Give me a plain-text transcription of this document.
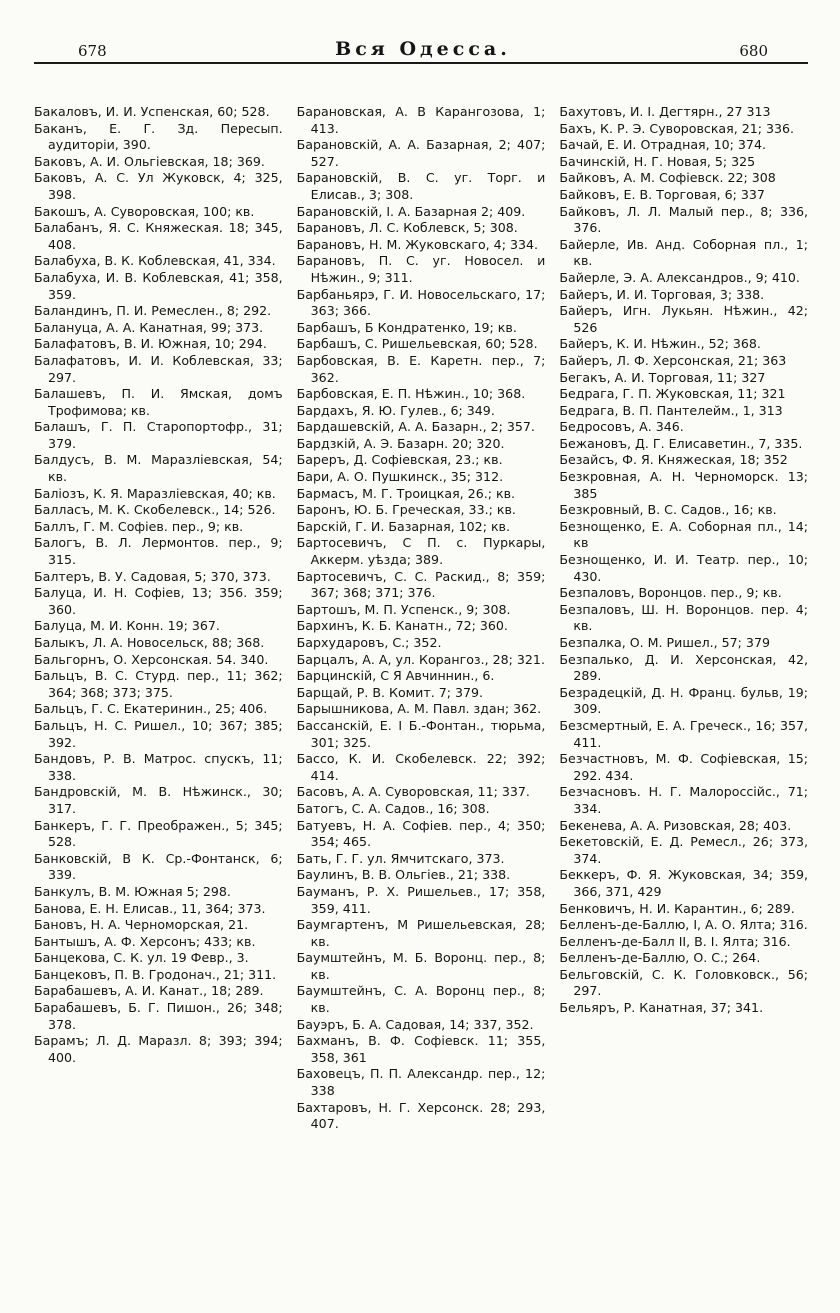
678	Вся Одесса.	680
Бакаловъ, И. И. Успенская, 60; 528.
Баканъ, Е. Г. Зд. Пересып. аудиторiи, 390.
Баковъ, А. И. Ольгiевская, 18; 369.
Баковъ, А. С. Ул Жуковск, 4; 325, 398.
Бакошъ, А. Суворовская, 100; кв.
Балабанъ, Я. С. Княжеская. 18; 345, 408.
Балабуха, В. К. Коблевская, 41, 334.
Балабуха, И. В. Коблевская, 41; 358, 359.
Баландинъ, П. И. Ремеслен., 8; 292.
Балануца, А. А. Канатная, 99; 373.
Балафатовъ, В. И. Южная, 10; 294.
Балафатовъ, И. И. Коблевская, 33; 297.
Балашевъ, П. И. Ямская, домъ Трофимова; кв.
Балашъ, Г. П. Старопортофр., 31; 379.
Балдусъ, В. М. Маразлiевская, 54; кв.
Балiозъ, К. Я. Маразлiевская, 40; кв.
Балласъ, М. К. Скобелевск., 14; 526.
Баллъ, Г. М. Софiев. пер., 9; кв.
Балогъ, В. Л. Лермонтов. пер., 9; 315.
Балтеръ, В. У. Садовая, 5; 370, 373.
Балуца, И. Н. Софiев, 13; 356. 359; 360.
Балуца, М. И. Конн. 19; 367.
Балыкъ, Л. А. Новосельск, 88; 368.
Бальгорнъ, О. Херсонская. 54. 340.
Бальцъ, В. С. Стурд. пер., 11; 362; 364; 368; 373; 375.
Бальцъ, Г. С. Екатеринин., 25; 406.
Бальцъ, Н. С. Ришел., 10; 367; 385; 392.
Бандовъ, Р. В. Матрос. спускъ, 11; 338.
Бандровскiй, М. В. Нѣжинск., 30; 317.
Банкеръ, Г. Г. Преображен., 5; 345; 528.
Банковскiй, В К. Ср.-Фонтанск, 6; 339.
Банкулъ, В. М. Южная 5; 298.
Банова, Е. Н. Елисав., 11, 364; 373.
Бановъ, Н. А. Черноморская, 21.
Бантышъ, А. Ф. Херсонъ; 433; кв.
Банцекова, С. К. ул. 19 Февр., 3.
Банцековъ, П. В. Гродонач., 21; 311.
Барабашевъ, А. И. Канат., 18; 289.
Барабашевъ, Б. Г. Пишон., 26; 348; 378.
Барамъ; Л. Д. Маразл. 8; 393; 394; 400.
Барановская, А. В Карангозова, 1; 413.
Барановскiй, А. А. Базарная, 2; 407; 527.
Барановскiй, В. С. уг. Торг. и Елисав., 3; 308.
Барановскiй, I. А. Базарная 2; 409.
Барановъ, Л. С. Коблевск, 5; 308.
Барановъ, Н. М. Жуковскаго, 4; 334.
Барановъ, П. С. уг. Новосел. и Нѣжин., 9; 311.
Барбаньярэ, Г. И. Новосельскаго, 17; 363; 366.
Барбашъ, Б Кондратенко, 19; кв.
Барбашъ, С. Ришельевская, 60; 528.
Барбовская, В. Е. Каретн. пер., 7; 362.
Барбовская, Е. П. Нѣжин., 10; 368.
Бардахъ, Я. Ю. Гулев., 6; 349.
Бардашевскiй, А. А. Базарн., 2; 357.
Бардзкiй, А. Э. Базарн. 20; 320.
Бареръ, Д. Софiевская, 23.; кв.
Бари, А. О. Пушкинск., 35; 312.
Бармасъ, М. Г. Троицкая, 26.; кв.
Баронъ, Ю. Б. Греческая, 33.; кв.
Барскiй, Г. И. Базарная, 102; кв.
Бартосевичъ, С П. с. Пуркары, Аккерм. уѣзда; 389.
Бартосевичъ, С. С. Раскид., 8; 359; 367; 368; 371; 376.
Бартошъ, М. П. Успенск., 9; 308.
Бархинъ, К. Б. Канатн., 72; 360.
Бархударовъ, С.; 352.
Барцалъ, А. А, ул. Корангоз., 28; 321.
Барцинскiй, С Я Авчиннин., 6.
Барщай, Р. В. Комит. 7; 379.
Барышникова, А. М. Павл. здан; 362.
Бассанскiй, Е. I Б.-Фонтан., тюрьма, 301; 325.
Бассо, К. И. Скобелевск. 22; 392; 414.
Басовъ, А. А. Суворовская, 11; 337.
Батогъ, С. А. Садов., 16; 308.
Батуевъ, Н. А. Софiев. пер., 4; 350; 354; 465.
Бать, Г. Г. ул. Ямчитскаго, 373.
Баулинъ, В. В. Ольгiев., 21; 338.
Бауманъ, Р. Х. Ришельев., 17; 358, 359, 411.
Баумгартенъ, М Ришельевская, 28; кв.
Баумштейнъ, М. Б. Воронц. пер., 8; кв.
Баумштейнъ, С. А. Воронц пер., 8; кв.
Бауэръ, Б. А. Садовая, 14; 337, 352.
Бахманъ, В. Ф. Софiевск. 11; 355, 358, 361
Баховецъ, П. П. Александр. пер., 12; 338
Бахтаровъ, Н. Г. Херсонск. 28; 293, 407.
Бахутовъ, И. I. Дегтярн., 27 313
Бахъ, К. Р. Э. Суворовская, 21; 336.
Бачай, Е. И. Отрадная, 10; 374.
Бачинскiй, Н. Г. Новая, 5; 325
Байковъ, А. М. Софiевск. 22; 308
Байковъ, Е. В. Торговая, 6; 337
Байковъ, Л. Л. Малый пер., 8; 336, 376.
Байерле, Ив. Анд. Соборная пл., 1; кв.
Байерле, Э. А. Александров., 9; 410.
Байеръ, И. И. Торговая, 3; 338.
Байеръ, Игн. Лукьян. Нѣжин., 42; 526
Байеръ, К. И. Нѣжин., 52; 368.
Байеръ, Л. Ф. Херсонская, 21; 363
Бегакъ, А. И. Торговая, 11; 327
Бедрага, Г. П. Жуковская, 11; 321
Бедрага, В. П. Пантелейм., 1, 313
Бедросовъ, А. 346.
Бежановъ, Д. Г. Елисаветин., 7, 335.
Безайсъ, Ф. Я. Княжеская, 18; 352
Безкровная, А. Н. Черноморск. 13; 385
Безкровный, В. С. Садов., 16; кв.
Безнощенко, Е. А. Соборная пл., 14; кв
Безнощенко, И. И. Театр. пер., 10; 430.
Безпаловъ, Воронцов. пер., 9; кв.
Безпаловъ, Ш. Н. Воронцов. пер. 4; кв.
Безпалка, О. М. Ришел., 57; 379
Безпалько, Д. И. Херсонская, 42, 289.
Безрадецкiй, Д. Н. Франц. бульв, 19; 309.
Безсмертный, Е. А. Греческ., 16; 357, 411.
Безчастновъ, М. Ф. Софiевская, 15; 292. 434.
Безчасновъ. Н. Г. Малороссiйс., 71; 334.
Бекенева, А. А. Ризовская, 28; 403.
Бекетовскiй, Е. Д. Ремесл., 26; 373, 374.
Беккеръ, Ф. Я. Жуковская, 34; 359, 366, 371, 429
Бенковичъ, Н. И. Карантин., 6; 289.
Белленъ-де-Баллю, I, А. О. Ялта; 316.
Белленъ-де-Балл II, В. I. Ялта; 316.
Белленъ-де-Баллю, О. С.; 264.
Бельговскiй, С. К. Головковск., 56; 297.
Бельяръ, Р. Канатная, 37; 341.
